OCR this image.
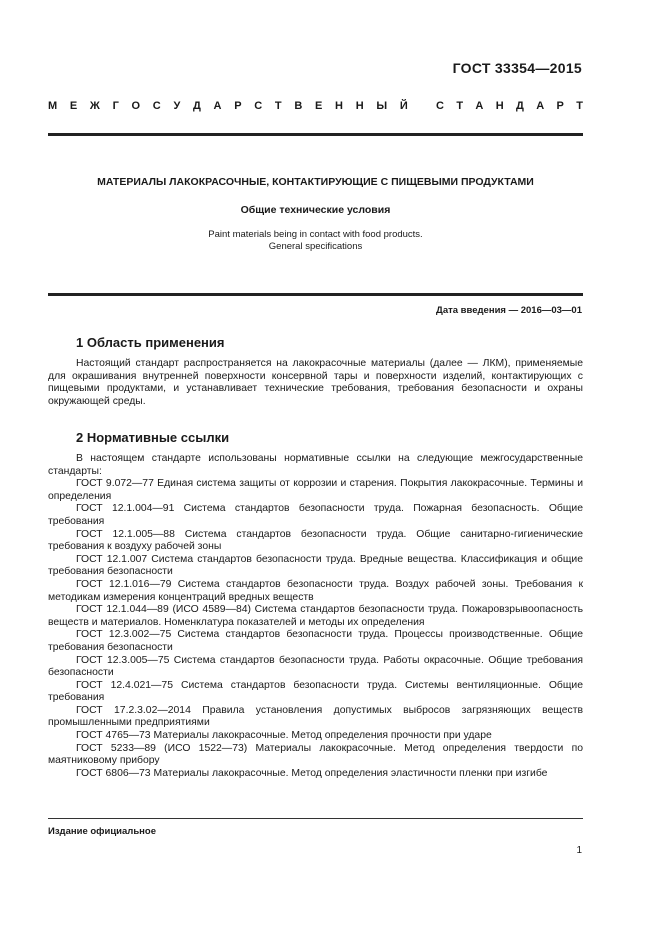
ГОСТ 33354—2015
М Е Ж Г О С У Д А Р С Т В Е Н Н Ы Й	С Т А Н Д А Р Т
МАТЕРИАЛЫ ЛАКОКРАСОЧНЫЕ, КОНТАКТИРУЮЩИЕ С ПИЩЕВЫМИ ПРОДУКТАМИ
Общие технические условия
Paint materials being in contact with food products.
General specifications
Дата введения — 2016—03—01
1 Область применения
Настоящий стандарт распространяется на лакокрасочные материалы (далее — ЛКМ), применяемые для окрашивания внутренней поверхности консервной тары и поверхности изделий, контактирующих с пищевыми продуктами, и устанавливает технические требования, требования безопасности и охраны окружающей среды.
2 Нормативные ссылки
В настоящем стандарте использованы нормативные ссылки на следующие межгосударственные стандарты:
ГОСТ 9.072—77 Единая система защиты от коррозии и старения. Покрытия лакокрасочные. Термины и определения
ГОСТ 12.1.004—91 Система стандартов безопасности труда. Пожарная безопасность. Общие требования
ГОСТ 12.1.005—88 Система стандартов безопасности труда. Общие санитарно-гигиенические требования к воздуху рабочей зоны
ГОСТ 12.1.007 Система стандартов безопасности труда. Вредные вещества. Классификация и общие требования безопасности
ГОСТ 12.1.016—79 Система стандартов безопасности труда. Воздух рабочей зоны. Требования к методикам измерения концентраций вредных веществ
ГОСТ 12.1.044—89 (ИСО 4589—84) Система стандартов безопасности труда. Пожаровзрывоопасность веществ и материалов. Номенклатура показателей и методы их определения
ГОСТ 12.3.002—75 Система стандартов безопасности труда. Процессы производственные. Общие требования безопасности
ГОСТ 12.3.005—75 Система стандартов безопасности труда. Работы окрасочные. Общие требования безопасности
ГОСТ 12.4.021—75 Система стандартов безопасности труда. Системы вентиляционные. Общие требования
ГОСТ 17.2.3.02—2014 Правила установления допустимых выбросов загрязняющих веществ промышленными предприятиями
ГОСТ 4765—73 Материалы лакокрасочные. Метод определения прочности при ударе
ГОСТ 5233—89 (ИСО 1522—73) Материалы лакокрасочные. Метод определения твердости по маятниковому прибору
ГОСТ 6806—73 Материалы лакокрасочные. Метод определения эластичности пленки при изгибе
Издание официальное
1
